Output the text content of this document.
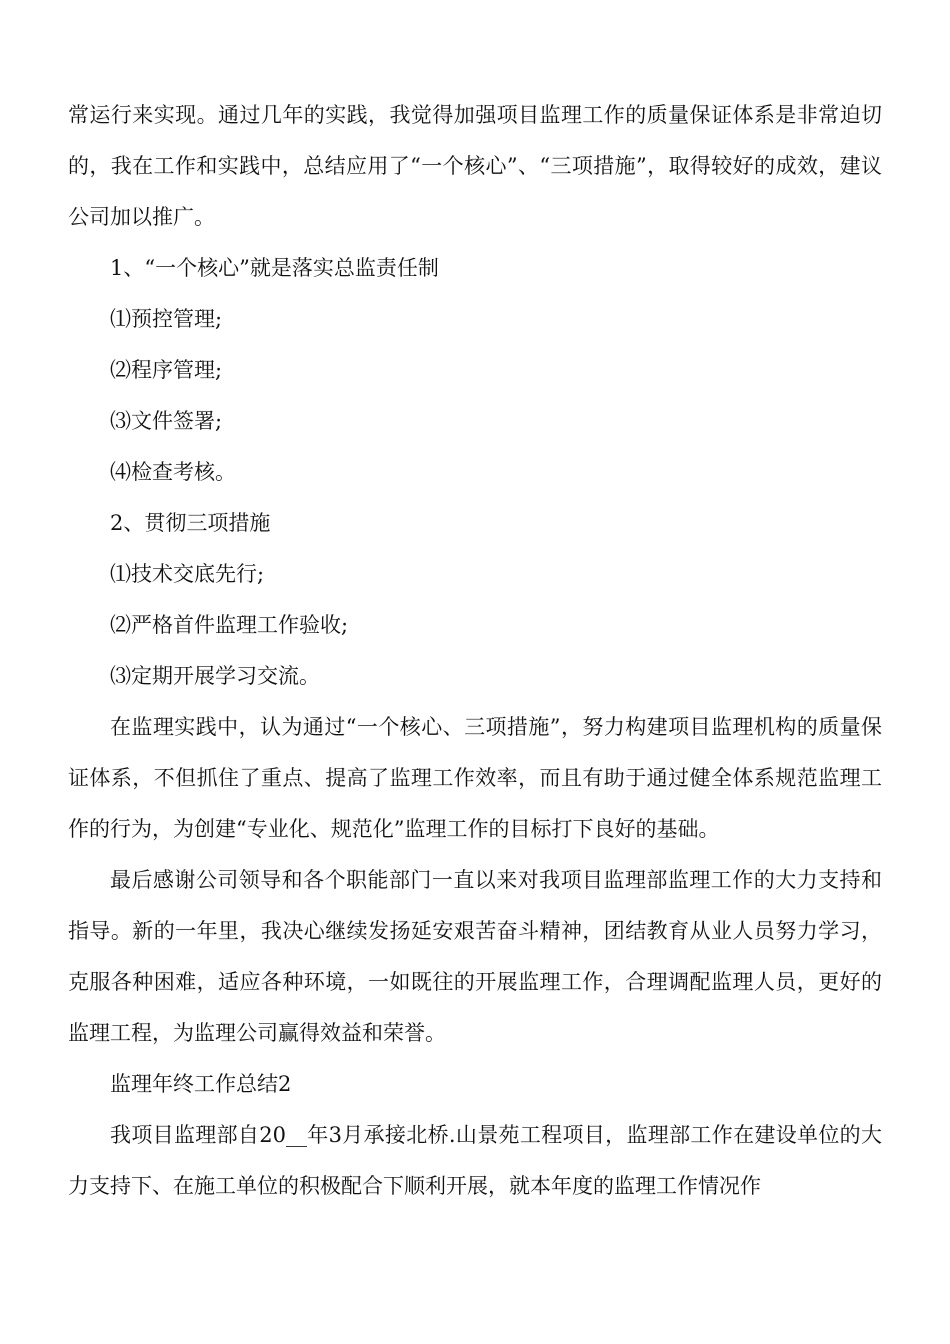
常运行来实现。通过几年的实践，我觉得加强项目监理工作的质量保证体系是非常迫切的，我在工作和实践中，总结应用了“一个核心”、“三项措施”，取得较好的成效，建议公司加以推广。

1、“一个核心”就是落实总监责任制

⑴预控管理;

⑵程序管理;

⑶文件签署;

⑷检查考核。

2、贯彻三项措施

⑴技术交底先行;

⑵严格首件监理工作验收;

⑶定期开展学习交流。

在监理实践中，认为通过“一个核心、三项措施”，努力构建项目监理机构的质量保证体系，不但抓住了重点、提高了监理工作效率，而且有助于通过健全体系规范监理工作的行为，为创建“专业化、规范化”监理工作的目标打下良好的基础。

最后感谢公司领导和各个职能部门一直以来对我项目监理部监理工作的大力支持和指导。新的一年里，我决心继续发扬延安艰苦奋斗精神，团结教育从业人员努力学习，克服各种困难，适应各种环境，一如既往的开展监理工作，合理调配监理人员，更好的监理工程，为监理公司赢得效益和荣誉。

监理年终工作总结2

我项目监理部自20__年3月承接北桥.山景苑工程项目，监理部工作在建设单位的大力支持下、在施工单位的积极配合下顺利开展，就本年度的监理工作情况作
